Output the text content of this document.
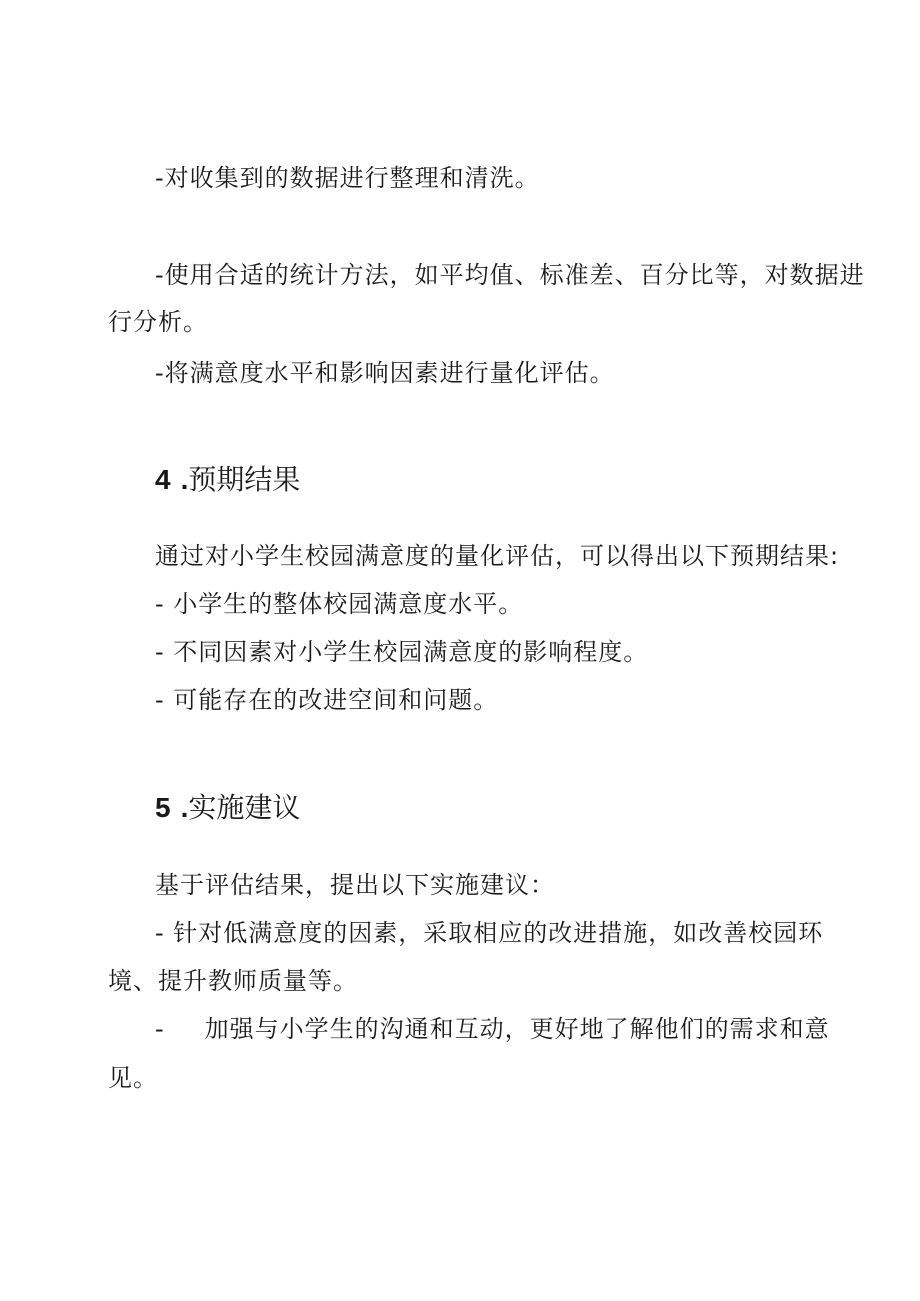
-对收集到的数据进行整理和清洗。
-使用合适的统计方法，如平均值、标准差、百分比等，对数据进
行分析。
-将满意度水平和影响因素进行量化评估。
4 .预期结果
通过对小学生校园满意度的量化评估，可以得出以下预期结果:
- 小学生的整体校园满意度水平。
- 不同因素对小学生校园满意度的影响程度。
- 可能存在的改进空间和问题。
5 .实施建议
基于评估结果，提出以下实施建议：
- 针对低满意度的因素，采取相应的改进措施，如改善校园环
境、提升教师质量等。
- 加强与小学生的沟通和互动，更好地了解他们的需求和意
见。
